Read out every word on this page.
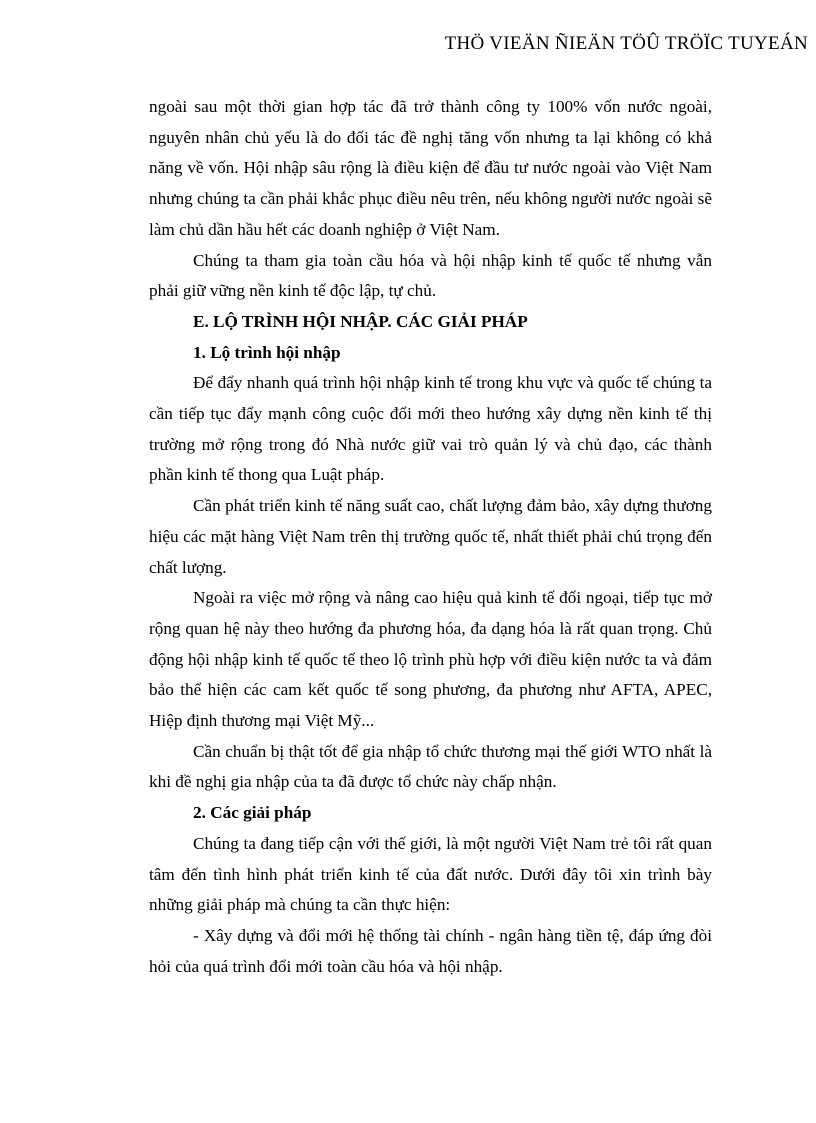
THÖ VIEÄN ÑIEÄN TÖÛ TRÖÏC TUYEÁN

ngoài sau một thời gian hợp tác đã trở thành công ty 100% vốn nước ngoài, nguyên nhân chủ yếu là do đối tác đề nghị tăng vốn nhưng ta lại không có khả năng về vốn. Hội nhập sâu rộng là điều kiện để đầu tư nước ngoài vào Việt Nam nhưng chúng ta cần phải khắc phục điều nêu trên, nếu không người nước ngoài sẽ làm chủ dần hầu hết các doanh nghiệp ở Việt Nam.

Chúng ta tham gia toàn cầu hóa và hội nhập kinh tế quốc tế nhưng vẫn phải giữ vững nền kinh tế độc lập, tự chủ.

E. LỘ TRÌNH HỘI NHẬP. CÁC GIẢI PHÁP

1. Lộ trình hội nhập

Để đẩy nhanh quá trình hội nhập kinh tế trong khu vực và quốc tế chúng ta cần tiếp tục đẩy mạnh công cuộc đổi mới theo hướng xây dựng nền kinh tế thị trường mở rộng trong đó Nhà nước giữ vai trò quản lý và chủ đạo, các thành phần kinh tế thong qua Luật pháp.

Cần phát triển kinh tế năng suất cao, chất lượng đảm bảo, xây dựng thương hiệu các mặt hàng Việt Nam trên thị trường quốc tế, nhất thiết phải chú trọng đến chất lượng.

Ngoài ra việc mở rộng và nâng cao hiệu quả kinh tế đối ngoại, tiếp tục mở rộng quan hệ này theo hướng đa phương hóa, đa dạng hóa là rất quan trọng. Chủ động hội nhập kinh tế quốc tế theo lộ trình phù hợp với điều kiện nước ta và đảm bảo thể hiện các cam kết quốc tế song phương, đa phương như AFTA, APEC, Hiệp định thương mại Việt Mỹ...

Cần chuẩn bị thật tốt để gia nhập tổ chức thương mại thế giới WTO nhất là khi đề nghị gia nhập của ta đã được tổ chức này chấp nhận.

2. Các giải pháp

Chúng ta đang tiếp cận với thế giới, là một người Việt Nam trẻ tôi rất quan tâm đến tình hình phát triển kinh tế của đất nước. Dưới đây tôi xin trình bày những giải pháp mà chúng ta cần thực hiện:

- Xây dựng và đổi mới hệ thống tài chính - ngân hàng tiền tệ, đáp ứng đòi hỏi của quá trình đổi mới toàn cầu hóa và hội nhập.
